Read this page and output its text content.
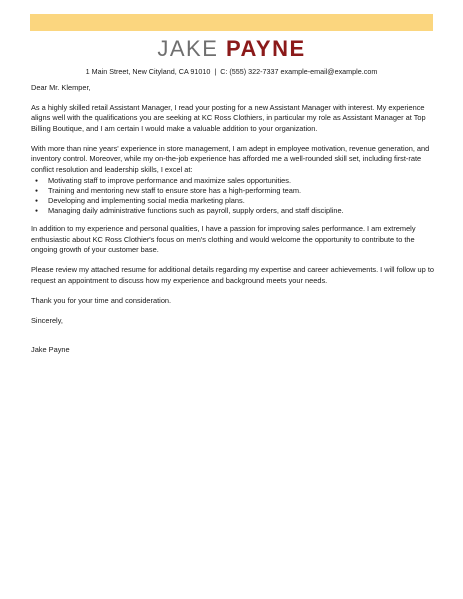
JAKE PAYNE
1 Main Street, New Cityland, CA 91010 | C: (555) 322-7337 example-email@example.com

Dear Mr. Klemper,

As a highly skilled retail Assistant Manager, I read your posting for a new Assistant Manager with interest. My experience aligns well with the qualifications you are seeking at KC Ross Clothiers, in particular my role as Assistant Manager at Top Billing Boutique, and I am certain I would make a valuable addition to your organization.

With more than nine years' experience in store management, I am adept in employee motivation, revenue generation, and inventory control. Moreover, while my on-the-job experience has afforded me a well-rounded skill set, including first-rate conflict resolution and leadership skills, I excel at:

● Motivating staff to improve performance and maximize sales opportunities.
● Training and mentoring new staff to ensure store has a high-performing team.
● Developing and implementing social media marketing plans.
● Managing daily administrative functions such as payroll, supply orders, and staff discipline.

In addition to my experience and personal qualities, I have a passion for improving sales performance. I am extremely enthusiastic about KC Ross Clothier's focus on men's clothing and would welcome the opportunity to contribute to the ongoing growth of your customer base.

Please review my attached resume for additional details regarding my expertise and career achievements. I will follow up to request an appointment to discuss how my experience and background meets your needs.

Thank you for your time and consideration.

Sincerely,

Jake Payne
